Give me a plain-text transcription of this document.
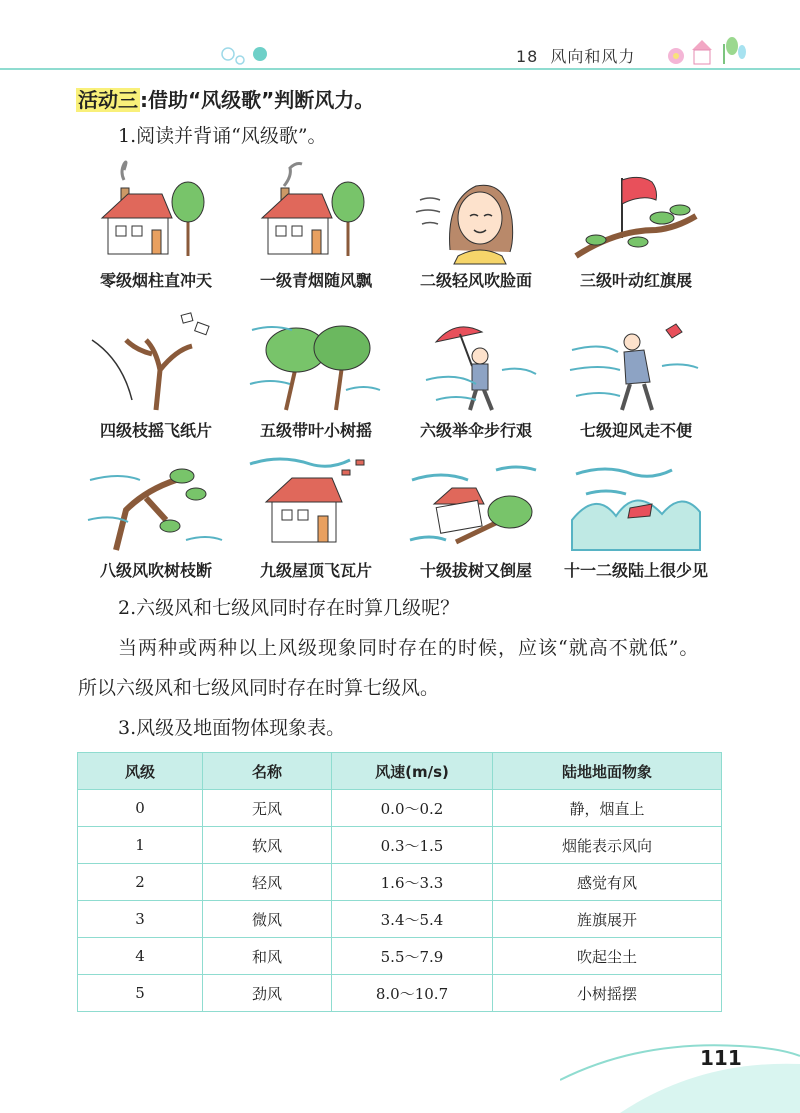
18 风向和风力
活动三 :借助“风级歌”判断风力。
1.阅读并背诵“风级歌”。
零级烟柱直冲天	一级青烟随风飘	二级轻风吹脸面	三级叶动红旗展
四级枝摇飞纸片	五级带叶小树摇	六级举伞步行艰	七级迎风走不便
八级风吹树枝断	九级屋顶飞瓦片	十级拔树又倒屋	十一二级陆上很少见
2.六级风和七级风同时存在时算几级呢？
当两种或两种以上风级现象同时存在的时候，应该“就高不就低”。
所以六级风和七级风同时存在时算七级风。
3.风级及地面物体现象表。
风级	名称	风速(m/s)	陆地地面物象
0	无风	0.0～0.2	静，烟直上
1	软风	0.3～1.5	烟能表示风向
2	轻风	1.6～3.3	感觉有风
3	微风	3.4～5.4	旌旗展开
4	和风	5.5～7.9	吹起尘土
5	劲风	8.0～10.7	小树摇摆
111
